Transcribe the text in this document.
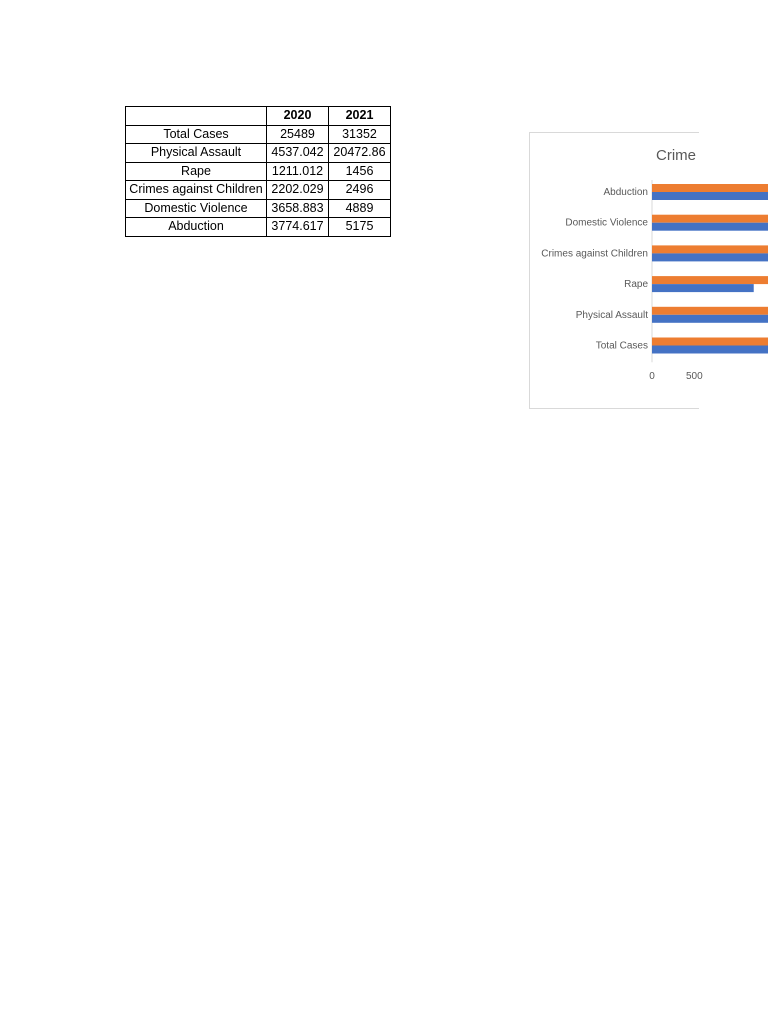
	2020	2021
Total Cases	25489	31352
Physical Assault	4537.042	20472.86
Rape	1211.012	1456
Crimes against Children	2202.029	2496
Domestic Violence	3658.883	4889
Abduction	3774.617	5175
Crime
Abduction
Domestic Violence
Crimes against Children
Rape
Physical Assault
Total Cases
0	500
